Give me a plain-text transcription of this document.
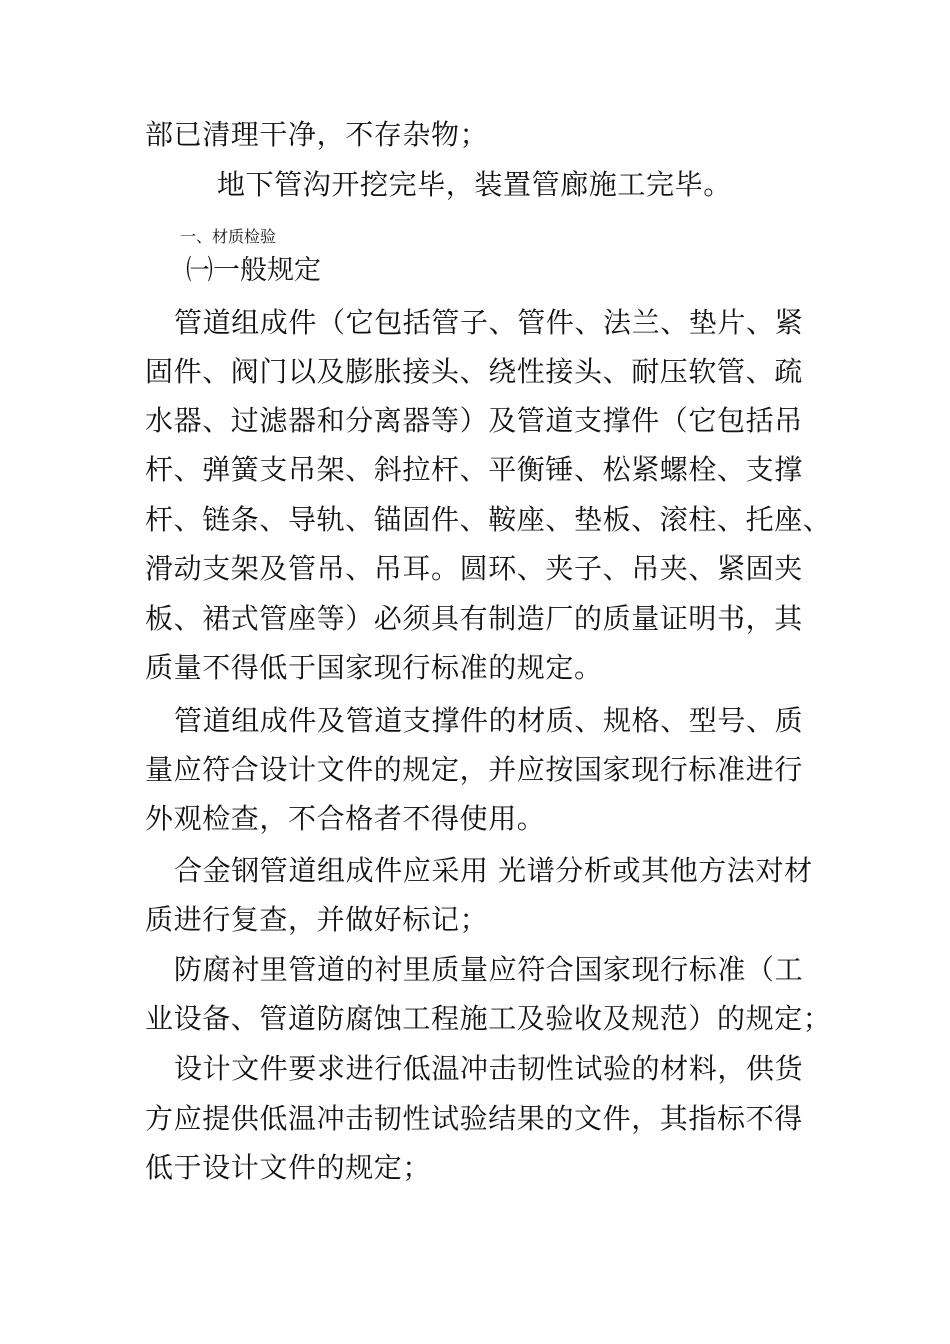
部已清理干净，不存杂物；
地下管沟开挖完毕，装置管廊施工完毕。
一、材质检验
㈠一般规定
管道组成件（它包括管子、管件、法兰、垫片、紧
固件、阀门以及膨胀接头、绕性接头、耐压软管、疏
水器、过滤器和分离器等）及管道支撑件（它包括吊
杆、弹簧支吊架、斜拉杆、平衡锤、松紧螺栓、支撑
杆、链条、导轨、锚固件、鞍座、垫板、滚柱、托座、
滑动支架及管吊、吊耳。圆环、夹子、吊夹、紧固夹
板、裙式管座等）必须具有制造厂的质量证明书，其
质量不得低于国家现行标准的规定。
管道组成件及管道支撑件的材质、规格、型号、质
量应符合设计文件的规定，并应按国家现行标准进行
外观检查，不合格者不得使用。
合金钢管道组成件应采用 光谱分析或其他方法对材
质进行复查，并做好标记；
防腐衬里管道的衬里质量应符合国家现行标准（工
业设备、管道防腐蚀工程施工及验收及规范）的规定；
设计文件要求进行低温冲击韧性试验的材料，供货
方应提供低温冲击韧性试验结果的文件，其指标不得
低于设计文件的规定；
